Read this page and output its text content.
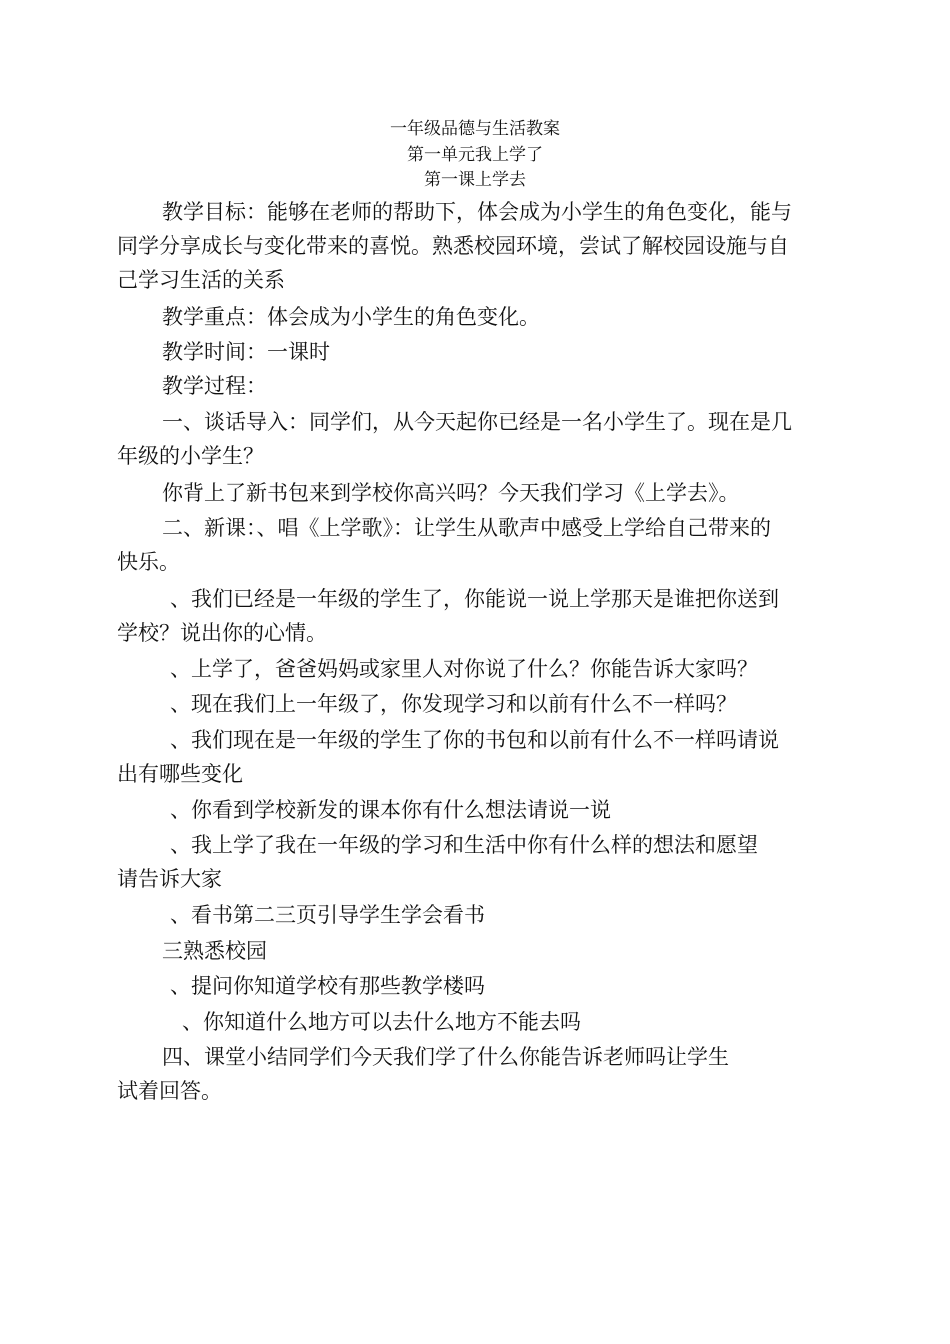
一年级品德与生活教案
第一单元我上学了
第一课上学去
教学目标：能够在老师的帮助下，体会成为小学生的角色变化，能与
同学分享成长与变化带来的喜悦。熟悉校园环境，尝试了解校园设施与自
己学习生活的关系
教学重点：体会成为小学生的角色变化。
教学时间：一课时
教学过程：
一、谈话导入：同学们，从今天起你已经是一名小学生了。现在是几
年级的小学生？
你背上了新书包来到学校你高兴吗？今天我们学习《上学去》。
二、新课：、唱《上学歌》：让学生从歌声中感受上学给自己带来的
快乐。
、我们已经是一年级的学生了，你能说一说上学那天是谁把你送到
学校？说出你的心情。
、上学了，爸爸妈妈或家里人对你说了什么？你能告诉大家吗？
、现在我们上一年级了，你发现学习和以前有什么不一样吗？
、我们现在是一年级的学生了你的书包和以前有什么不一样吗请说
出有哪些变化
、你看到学校新发的课本你有什么想法请说一说
、我上学了我在一年级的学习和生活中你有什么样的想法和愿望
请告诉大家
、看书第二三页引导学生学会看书
三熟悉校园
、提问你知道学校有那些教学楼吗
、你知道什么地方可以去什么地方不能去吗
四、课堂小结同学们今天我们学了什么你能告诉老师吗让学生
试着回答。
